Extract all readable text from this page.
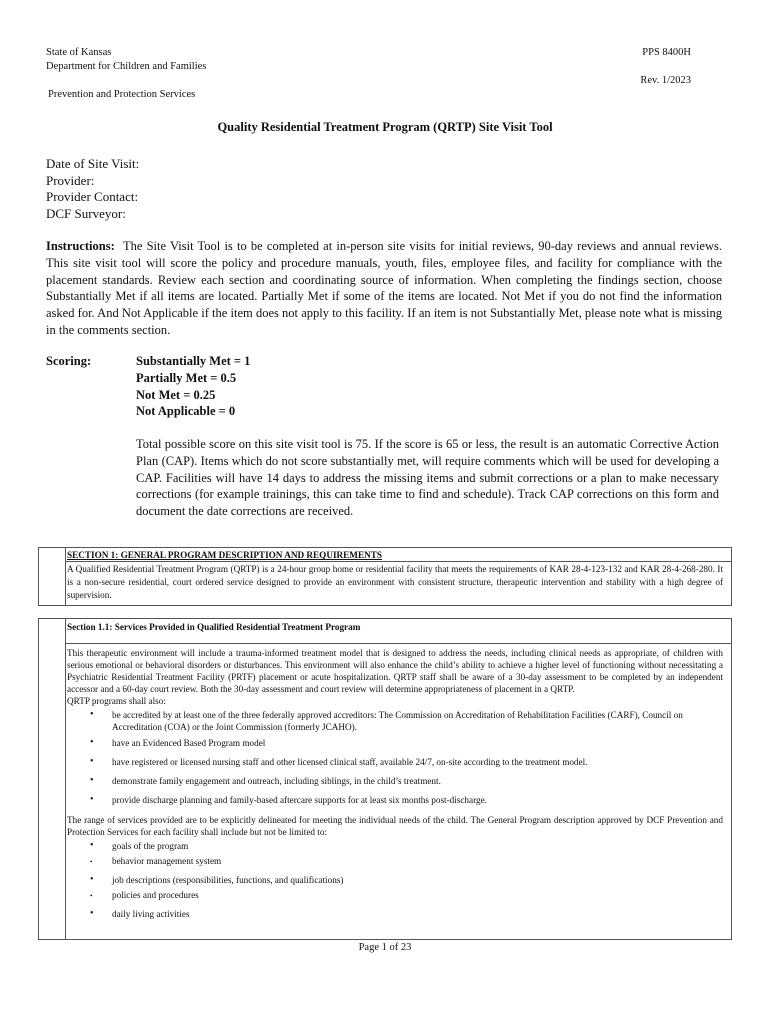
State of Kansas
Department for Children and Families
Prevention and Protection Services
PPS 8400H
Rev. 1/2023
Quality Residential Treatment Program (QRTP) Site Visit Tool
Date of Site Visit:
Provider:
Provider Contact:
DCF Surveyor:
Instructions: The Site Visit Tool is to be completed at in-person site visits for initial reviews, 90-day reviews and annual reviews. This site visit tool will score the policy and procedure manuals, youth, files, employee files, and facility for compliance with the placement standards. Review each section and coordinating source of information. When completing the findings section, choose Substantially Met if all items are located. Partially Met if some of the items are located. Not Met if you do not find the information asked for. And Not Applicable if the item does not apply to this facility. If an item is not Substantially Met, please note what is missing in the comments section.
Scoring:	Substantially Met = 1
Partially Met = 0.5
Not Met = 0.25
Not Applicable = 0
Total possible score on this site visit tool is 75. If the score is 65 or less, the result is an automatic Corrective Action Plan (CAP). Items which do not score substantially met, will require comments which will be used for developing a CAP. Facilities will have 14 days to address the missing items and submit corrections or a plan to make necessary corrections (for example trainings, this can take time to find and schedule). Track CAP corrections on this form and document the date corrections are received.
SECTION 1: GENERAL PROGRAM DESCRIPTION AND REQUIREMENTS
A Qualified Residential Treatment Program (QRTP) is a 24-hour group home or residential facility that meets the requirements of KAR 28-4-123-132 and KAR 28-4-268-280. It is a non-secure residential, court ordered service designed to provide an environment with consistent structure, therapeutic intervention and stability with a high degree of supervision.
Section 1.1: Services Provided in Qualified Residential Treatment Program
This therapeutic environment will include a trauma-informed treatment model that is designed to address the needs, including clinical needs as appropriate, of children with serious emotional or behavioral disorders or disturbances. This environment will also enhance the child’s ability to achieve a higher level of functioning without necessitating a Psychiatric Residential Treatment Facility (PRTF) placement or acute hospitalization. QRTP staff shall be aware of a 30-day assessment to be completed by an independent accessor and a 60-day court review. Both the 30-day assessment and court review will determine appropriateness of placement in a QRTP.
QRTP programs shall also:
• be accredited by at least one of the three federally approved accreditors: The Commission on Accreditation of Rehabilitation Facilities (CARF), Council on Accreditation (COA) or the Joint Commission (formerly JCAHO).
• have an Evidenced Based Program model
• have registered or licensed nursing staff and other licensed clinical staff, available 24/7, on-site according to the treatment model.
• demonstrate family engagement and outreach, including siblings, in the child’s treatment.
• provide discharge planning and family-based aftercare supports for at least six months post-discharge.
The range of services provided are to be explicitly delineated for meeting the individual needs of the child. The General Program description approved by DCF Prevention and Protection Services for each facility shall include but not be limited to:
• goals of the program
• behavior management system
• job descriptions (responsibilities, functions, and qualifications)
• policies and procedures
• daily living activities
Page 1 of 23
